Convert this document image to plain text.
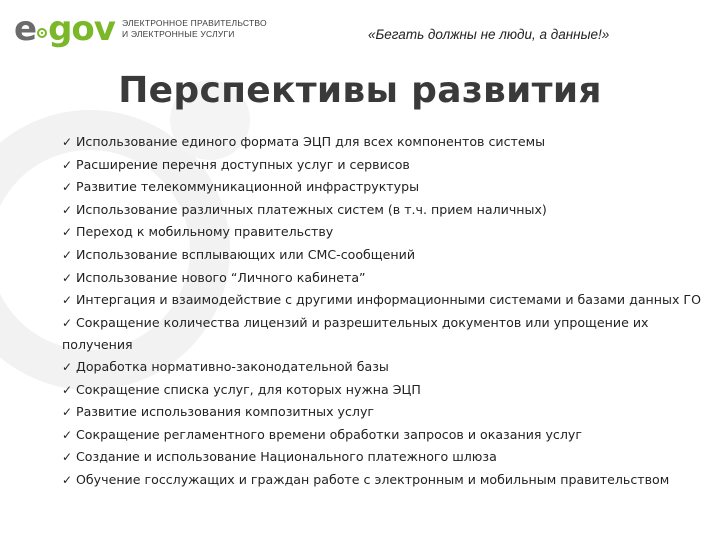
e gov ЭЛЕКТРОННОЕ ПРАВИТЕЛЬСТВО
И ЭЛЕКТРОННЫЕ УСЛУГИ	«Бегать должны не люди, а данные!»
Перспективы развития
✓ Использование единого формата ЭЦП для всех компонентов системы
✓ Расширение перечня доступных услуг и сервисов
✓ Развитие телекоммуникационной инфраструктуры
✓ Использование различных платежных систем (в т.ч. прием наличных)
✓ Переход к мобильному правительству
✓ Использование всплывающих или СМС-сообщений
✓ Использование нового “Личного кабинета”
✓ Интергация и взаимодействие с другими информационными системами и базами данных ГО
✓ Сокращение количества лицензий и разрешительных документов или упрощение их получения
✓ Доработка нормативно-законодательной базы
✓ Сокращение списка услуг, для которых нужна ЭЦП
✓ Развитие использования композитных услуг
✓ Сокращение регламентного времени обработки запросов и оказания услуг
✓ Создание и использование Национального платежного шлюза
✓ Обучение госслужащих и граждан работе с электронным и мобильным правительством
